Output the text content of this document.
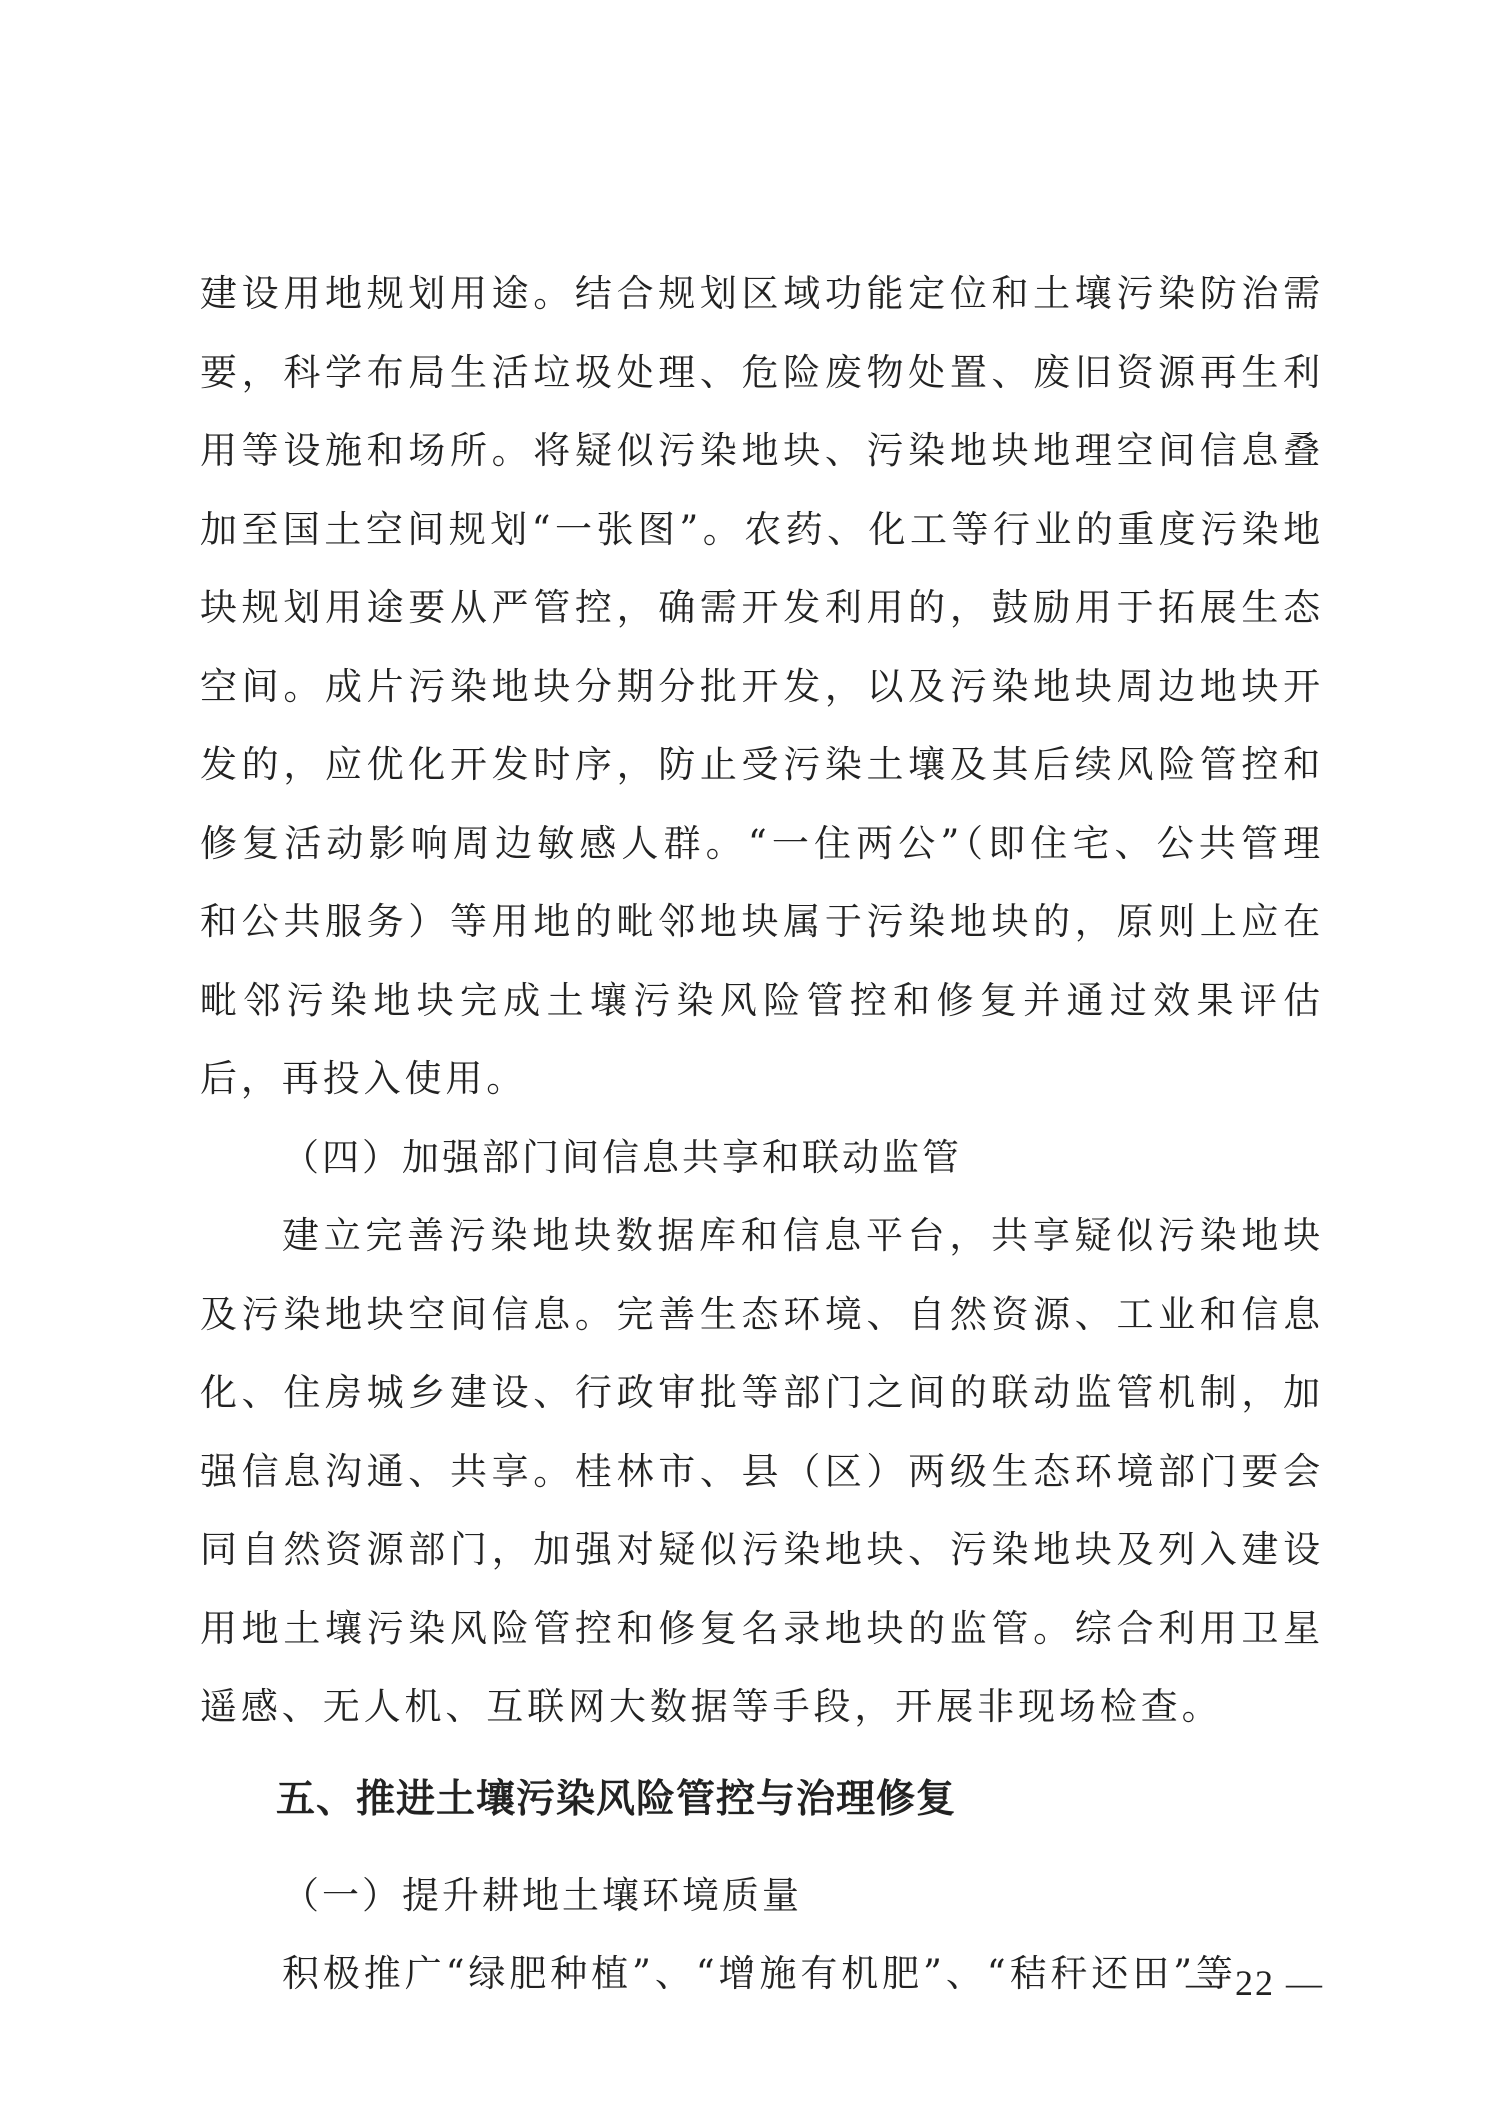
建设用地规划用途。结合规划区域功能定位和土壤污染防治需要，科学布局生活垃圾处理、危险废物处置、废旧资源再生利用等设施和场所。将疑似污染地块、污染地块地理空间信息叠加至国土空间规划“一张图”。农药、化工等行业的重度污染地块规划用途要从严管控，确需开发利用的，鼓励用于拓展生态空间。成片污染地块分期分批开发，以及污染地块周边地块开发的，应优化开发时序，防止受污染土壤及其后续风险管控和修复活动影响周边敏感人群。“一住两公”（即住宅、公共管理和公共服务）等用地的毗邻地块属于污染地块的，原则上应在毗邻污染地块完成土壤污染风险管控和修复并通过效果评估后，再投入使用。

（四）加强部门间信息共享和联动监管

建立完善污染地块数据库和信息平台，共享疑似污染地块及污染地块空间信息。完善生态环境、自然资源、工业和信息化、住房城乡建设、行政审批等部门之间的联动监管机制，加强信息沟通、共享。桂林市、县（区）两级生态环境部门要会同自然资源部门，加强对疑似污染地块、污染地块及列入建设用地土壤污染风险管控和修复名录地块的监管。综合利用卫星遥感、无人机、互联网大数据等手段，开展非现场检查。

五、推进土壤污染风险管控与治理修复

（一）提升耕地土壤环境质量

积极推广“绿肥种植”、“增施有机肥”、“秸秆还田”等

— 22 —
